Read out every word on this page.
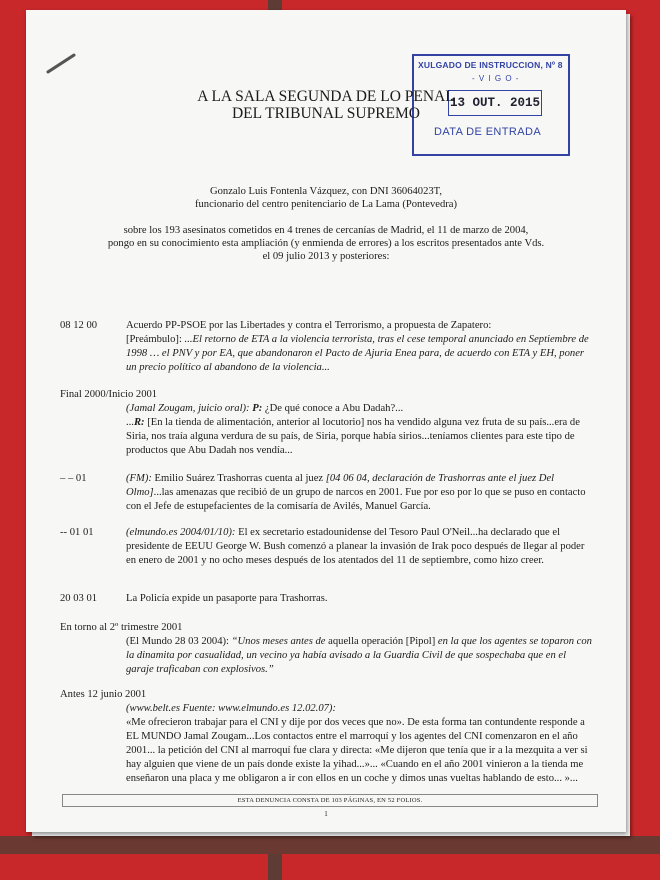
XULGADO DE INSTRUCCION, Nº 8
- V I G O -
13 OUT. 2015
DATA DE ENTRADA
A LA SALA SEGUNDA DE LO PENAL
DEL TRIBUNAL SUPREMO
Gonzalo Luis Fontenla Vázquez, con DNI 36064023T,
funcionario del centro penitenciario de La Lama (Pontevedra)
sobre los 193 asesinatos cometidos en 4 trenes de cercanías de Madrid, el 11 de marzo de 2004,
pongo en su conocimiento esta ampliación (y enmienda de errores) a los escritos presentados ante Vds.
el 09 julio 2013 y posteriores:
08 12 00	Acuerdo PP-PSOE por las Libertades y contra el Terrorismo, a propuesta de Zapatero:
[Preámbulo]: ...El retorno de ETA a la violencia terrorista, tras el cese temporal anunciado en Septiembre de 1998 … el PNV y por EA, que abandonaron el Pacto de Ajuria Enea para, de acuerdo con ETA y EH, poner un precio político al abandono de la violencia...
Final 2000/Inicio 2001
(Jamal Zougam, juicio oral): P: ¿De qué conoce a Abu Dadah?...
...R: [En la tienda de alimentación, anterior al locutorio] nos ha vendido alguna vez fruta de su país...era de Siria, nos traía alguna verdura de su país, de Siria, porque había sirios...teníamos clientes para este tipo de productos que Abu Dadah nos vendía...
– – 01	(FM): Emilio Suárez Trashorras cuenta al juez [04 06 04, declaración de Trashorras ante el juez Del Olmo]...las amenazas que recibió de un grupo de narcos en 2001. Fue por eso por lo que se puso en contacto con el Jefe de estupefacientes de la comisaría de Avilés, Manuel García.
-- 01 01	(elmundo.es 2004/01/10): El ex secretario estadounidense del Tesoro Paul O'Neil...ha declarado que el presidente de EEUU George W. Bush comenzó a planear la invasión de Irak poco después de llegar al poder en enero de 2001 y no ocho meses después de los atentados del 11 de septiembre, como hizo creer.
20 03 01	La Policía expide un pasaporte para Trashorras.
En torno al 2º trimestre 2001
(El Mundo 28 03 2004): “Unos meses antes de aquella operación [Pipol] en la que los agentes se toparon con la dinamita por casualidad, un vecino ya había avisado a la Guardia Civil de que sospechaba que en el garaje traficaban con explosivos.”
Antes 12 junio 2001
(www.belt.es Fuente: www.elmundo.es 12.02.07):
«Me ofrecieron trabajar para el CNI y dije por dos veces que no». De esta forma tan contundente responde a EL MUNDO Jamal Zougam...Los contactos entre el marroquí y los agentes del CNI comenzaron en el año 2001... la petición del CNI al marroquí fue clara y directa: «Me dijeron que tenía que ir a la mezquita a ver si hay alguien que viene de un país donde existe la yihad...»... «Cuando en el año 2001 vinieron a la tienda me enseñaron una placa y me obligaron a ir con ellos en un coche y dimos unas vueltas hablando de esto... »...
ESTA DENUNCIA CONSTA DE 103 PÁGINAS, EN 52 FOLIOS.
1
